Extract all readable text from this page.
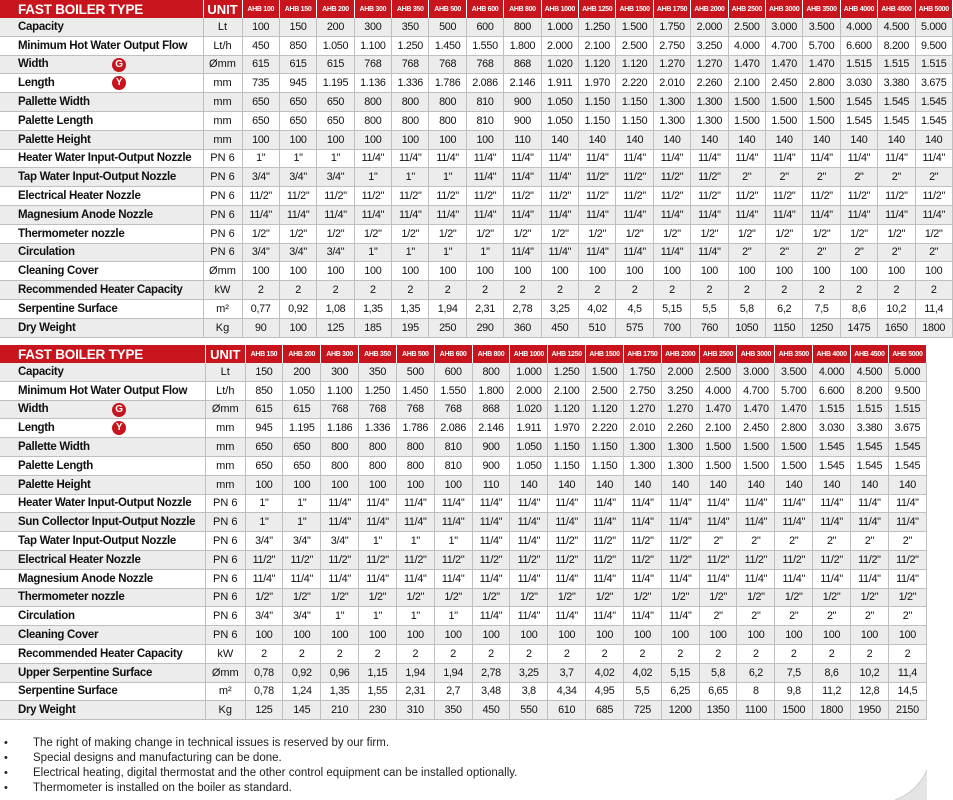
FAST BOILER TYPE	UNIT	AHB 100	AHB 150	AHB 200	AHB 300	AHB 350	AHB 500	AHB 600	AHB 800	AHB 1000	AHB 1250	AHB 1500	AHB 1750	AHB 2000	AHB 2500	AHB 3000	AHB 3500	AHB 4000	AHB 4500	AHB 5000
Capacity	Lt	100	150	200	300	350	500	600	800	1.000	1.250	1.500	1.750	2.000	2.500	3.000	3.500	4.000	4.500	5.000
Minimum Hot Water Output Flow	Lt/h	450	850	1.050	1.100	1.250	1.450	1.550	1.800	2.000	2.100	2.500	2.750	3.250	4.000	4.700	5.700	6.600	8.200	9.500
Width G	Ømm	615	615	615	768	768	768	768	868	1.020	1.120	1.120	1.270	1.270	1.470	1.470	1.470	1.515	1.515	1.515
Length Y	mm	735	945	1.195	1.136	1.336	1.786	2.086	2.146	1.911	1.970	2.220	2.010	2.260	2.100	2.450	2.800	3.030	3.380	3.675
Pallette Width	mm	650	650	650	800	800	800	810	900	1.050	1.150	1.150	1.300	1.300	1.500	1.500	1.500	1.545	1.545	1.545
Palette Length	mm	650	650	650	800	800	800	810	900	1.050	1.150	1.150	1.300	1.300	1.500	1.500	1.500	1.545	1.545	1.545
Palette Height	mm	100	100	100	100	100	100	100	110	140	140	140	140	140	140	140	140	140	140	140
Heater Water Input-Output Nozzle	PN 6	1"	1"	1"	11/4"	11/4"	11/4"	11/4"	11/4"	11/4"	11/4"	11/4"	11/4"	11/4"	11/4"	11/4"	11/4"	11/4"	11/4"	11/4"
Tap Water Input-Output Nozzle	PN 6	3/4"	3/4"	3/4"	1"	1"	1"	11/4"	11/4"	11/4"	11/2"	11/2"	11/2"	11/2"	2"	2"	2"	2"	2"	2"
Electrical Heater Nozzle	PN 6	11/2"	11/2"	11/2"	11/2"	11/2"	11/2"	11/2"	11/2"	11/2"	11/2"	11/2"	11/2"	11/2"	11/2"	11/2"	11/2"	11/2"	11/2"	11/2"
Magnesium Anode Nozzle	PN 6	11/4"	11/4"	11/4"	11/4"	11/4"	11/4"	11/4"	11/4"	11/4"	11/4"	11/4"	11/4"	11/4"	11/4"	11/4"	11/4"	11/4"	11/4"	11/4"
Thermometer nozzle	PN 6	1/2"	1/2"	1/2"	1/2"	1/2"	1/2"	1/2"	1/2"	1/2"	1/2"	1/2"	1/2"	1/2"	1/2"	1/2"	1/2"	1/2"	1/2"	1/2"
Circulation	PN 6	3/4"	3/4"	3/4"	1"	1"	1"	1"	11/4"	11/4"	11/4"	11/4"	11/4"	11/4"	2"	2"	2"	2"	2"	2"
Cleaning Cover	Ømm	100	100	100	100	100	100	100	100	100	100	100	100	100	100	100	100	100	100	100
Recommended Heater Capacity	kW	2	2	2	2	2	2	2	2	2	2	2	2	2	2	2	2	2	2	2
Serpentine Surface	m²	0,77	0,92	1,08	1,35	1,35	1,94	2,31	2,78	3,25	4,02	4,5	5,15	5,5	5,8	6,2	7,5	8,6	10,2	11,4
Dry Weight	Kg	90	100	125	185	195	250	290	360	450	510	575	700	760	1050	1150	1250	1475	1650	1800
FAST BOILER TYPE	UNIT	AHB 150	AHB 200	AHB 300	AHB 350	AHB 500	AHB 600	AHB 800	AHB 1000	AHB 1250	AHB 1500	AHB 1750	AHB 2000	AHB 2500	AHB 3000	AHB 3500	AHB 4000	AHB 4500	AHB 5000
Capacity	Lt	150	200	300	350	500	600	800	1.000	1.250	1.500	1.750	2.000	2.500	3.000	3.500	4.000	4.500	5.000
Minimum Hot Water Output Flow	Lt/h	850	1.050	1.100	1.250	1.450	1.550	1.800	2.000	2.100	2.500	2.750	3.250	4.000	4.700	5.700	6.600	8.200	9.500
Width G	Ømm	615	615	768	768	768	768	868	1.020	1.120	1.120	1.270	1.270	1.470	1.470	1.470	1.515	1.515	1.515
Length Y	mm	945	1.195	1.186	1.336	1.786	2.086	2.146	1.911	1.970	2.220	2.010	2.260	2.100	2.450	2.800	3.030	3.380	3.675
Pallette Width	mm	650	650	800	800	800	810	900	1.050	1.150	1.150	1.300	1.300	1.500	1.500	1.500	1.545	1.545	1.545
Palette Length	mm	650	650	800	800	800	810	900	1.050	1.150	1.150	1.300	1.300	1.500	1.500	1.500	1.545	1.545	1.545
Palette Height	mm	100	100	100	100	100	100	110	140	140	140	140	140	140	140	140	140	140	140
Heater Water Input-Output Nozzle	PN 6	1"	1"	11/4"	11/4"	11/4"	11/4"	11/4"	11/4"	11/4"	11/4"	11/4"	11/4"	11/4"	11/4"	11/4"	11/4"	11/4"	11/4"
Sun Collector Input-Output Nozzle	PN 6	1"	1"	11/4"	11/4"	11/4"	11/4"	11/4"	11/4"	11/4"	11/4"	11/4"	11/4"	11/4"	11/4"	11/4"	11/4"	11/4"	11/4"
Tap Water Input-Output Nozzle	PN 6	3/4"	3/4"	3/4"	1"	1"	1"	11/4"	11/4"	11/2"	11/2"	11/2"	11/2"	2"	2"	2"	2"	2"	2"
Electrical Heater Nozzle	PN 6	11/2"	11/2"	11/2"	11/2"	11/2"	11/2"	11/2"	11/2"	11/2"	11/2"	11/2"	11/2"	11/2"	11/2"	11/2"	11/2"	11/2"	11/2"
Magnesium Anode Nozzle	PN 6	11/4"	11/4"	11/4"	11/4"	11/4"	11/4"	11/4"	11/4"	11/4"	11/4"	11/4"	11/4"	11/4"	11/4"	11/4"	11/4"	11/4"	11/4"
Thermometer nozzle	PN 6	1/2"	1/2"	1/2"	1/2"	1/2"	1/2"	1/2"	1/2"	1/2"	1/2"	1/2"	1/2"	1/2"	1/2"	1/2"	1/2"	1/2"	1/2"
Circulation	PN 6	3/4"	3/4"	1"	1"	1"	1"	11/4"	11/4"	11/4"	11/4"	11/4"	11/4"	2"	2"	2"	2"	2"	2"
Cleaning Cover	PN 6	100	100	100	100	100	100	100	100	100	100	100	100	100	100	100	100	100	100
Recommended Heater Capacity	kW	2	2	2	2	2	2	2	2	2	2	2	2	2	2	2	2	2	2
Upper Serpentine Surface	Ømm	0,78	0,92	0,96	1,15	1,94	1,94	2,78	3,25	3,7	4,02	4,02	5,15	5,8	6,2	7,5	8,6	10,2	11,4
Serpentine Surface	m²	0,78	1,24	1,35	1,55	2,31	2,7	3,48	3,8	4,34	4,95	5,5	6,25	6,65	8	9,8	11,2	12,8	14,5
Dry Weight	Kg	125	145	210	230	310	350	450	550	610	685	725	1200	1350	1100	1500	1800	1950	2150
• The right of making change in technical issues is reserved by our firm.
• Special designs and manufacturing can be done.
• Electrical heating, digital thermostat and the other control equipment can be installed optionally.
• Thermometer is installed on the boiler as standard.
